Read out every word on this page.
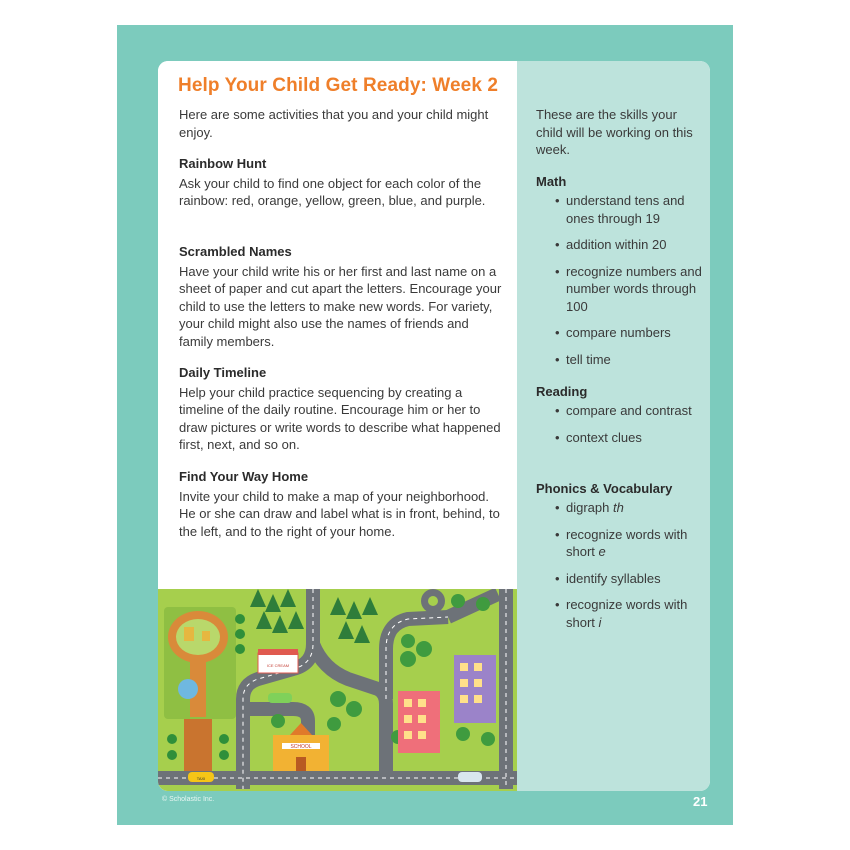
Help Your Child Get Ready: Week 2
Here are some activities that you and your child might enjoy.
Rainbow Hunt

Ask your child to find one object for each color of the rainbow: red, orange, yellow, green, blue, and purple.

Scrambled Names

Have your child write his or her first and last name on a sheet of paper and cut apart the letters. Encourage your child to use the letters to make new words. For variety, your child might also use the names of friends and family members.

Daily Timeline

Help your child practice sequencing by creating a timeline of the daily routine. Encourage him or her to draw pictures or write words to describe what happened first, next, and so on.

Find Your Way Home

Invite your child to make a map of your neighborhood. He or she can draw and label what is in front, behind, to the left, and to the right of your home.

ICE CREAM
SCHOOL
TAXI
These are the skills your child will be working on this week.
Math
• understand tens and ones through 19
• addition within 20
• recognize numbers and number words through 100
• compare numbers
• tell time
Reading
• compare and contrast
• context clues
Phonics & Vocabulary
• digraph th
• recognize words with short e
• identify syllables
• recognize words with short i
© Scholastic Inc.	21
